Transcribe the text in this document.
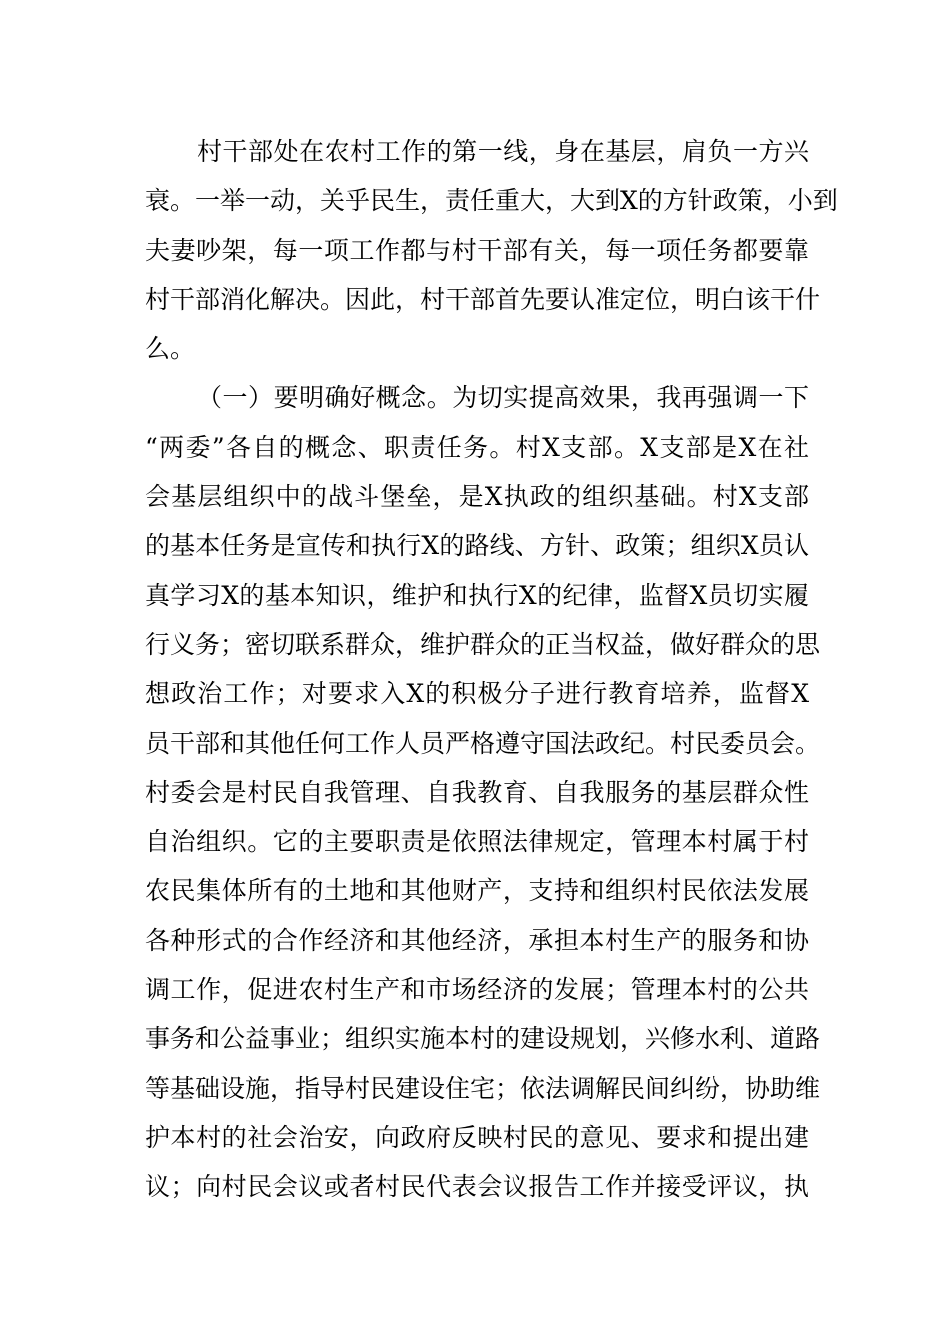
村干部处在农村工作的第一线，身在基层，肩负一方兴
衰。一举一动，关乎民生，责任重大，大到X的方针政策，小到
夫妻吵架，每一项工作都与村干部有关，每一项任务都要靠
村干部消化解决。因此，村干部首先要认准定位，明白该干什
么。
（一）要明确好概念。为切实提高效果，我再强调一下
“两委”各自的概念、职责任务。村X支部。X支部是X在社
会基层组织中的战斗堡垒，是X执政的组织基础。村X支部
的基本任务是宣传和执行X的路线、方针、政策；组织X员认
真学习X的基本知识，维护和执行X的纪律，监督X员切实履
行义务；密切联系群众，维护群众的正当权益，做好群众的思
想政治工作；对要求入X的积极分子进行教育培养，监督X
员干部和其他任何工作人员严格遵守国法政纪。村民委员会。
村委会是村民自我管理、自我教育、自我服务的基层群众性
自治组织。它的主要职责是依照法律规定，管理本村属于村
农民集体所有的土地和其他财产，支持和组织村民依法发展
各种形式的合作经济和其他经济，承担本村生产的服务和协
调工作，促进农村生产和市场经济的发展；管理本村的公共
事务和公益事业；组织实施本村的建设规划，兴修水利、道路
等基础设施，指导村民建设住宅；依法调解民间纠纷，协助维
护本村的社会治安，向政府反映村民的意见、要求和提出建
议；向村民会议或者村民代表会议报告工作并接受评议，执
